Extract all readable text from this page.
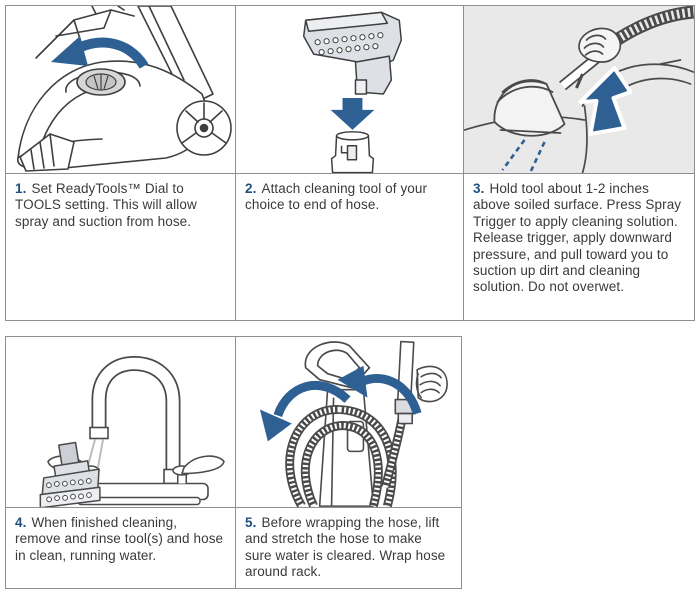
1. Set ReadyTools™ Dial to TOOLS setting. This will allow spray and suction from hose.

2. Attach cleaning tool of your choice to end of hose.

3. Hold tool about 1-2 inches above soiled surface. Press Spray Trigger to apply cleaning solution. Release trigger, apply downward pressure, and pull toward you to suction up dirt and cleaning solution. Do not overwet.

4. When finished cleaning, remove and rinse tool(s) and hose in clean, running water.

5. Before wrapping the hose, lift and stretch the hose to make sure water is cleared. Wrap hose around rack.
